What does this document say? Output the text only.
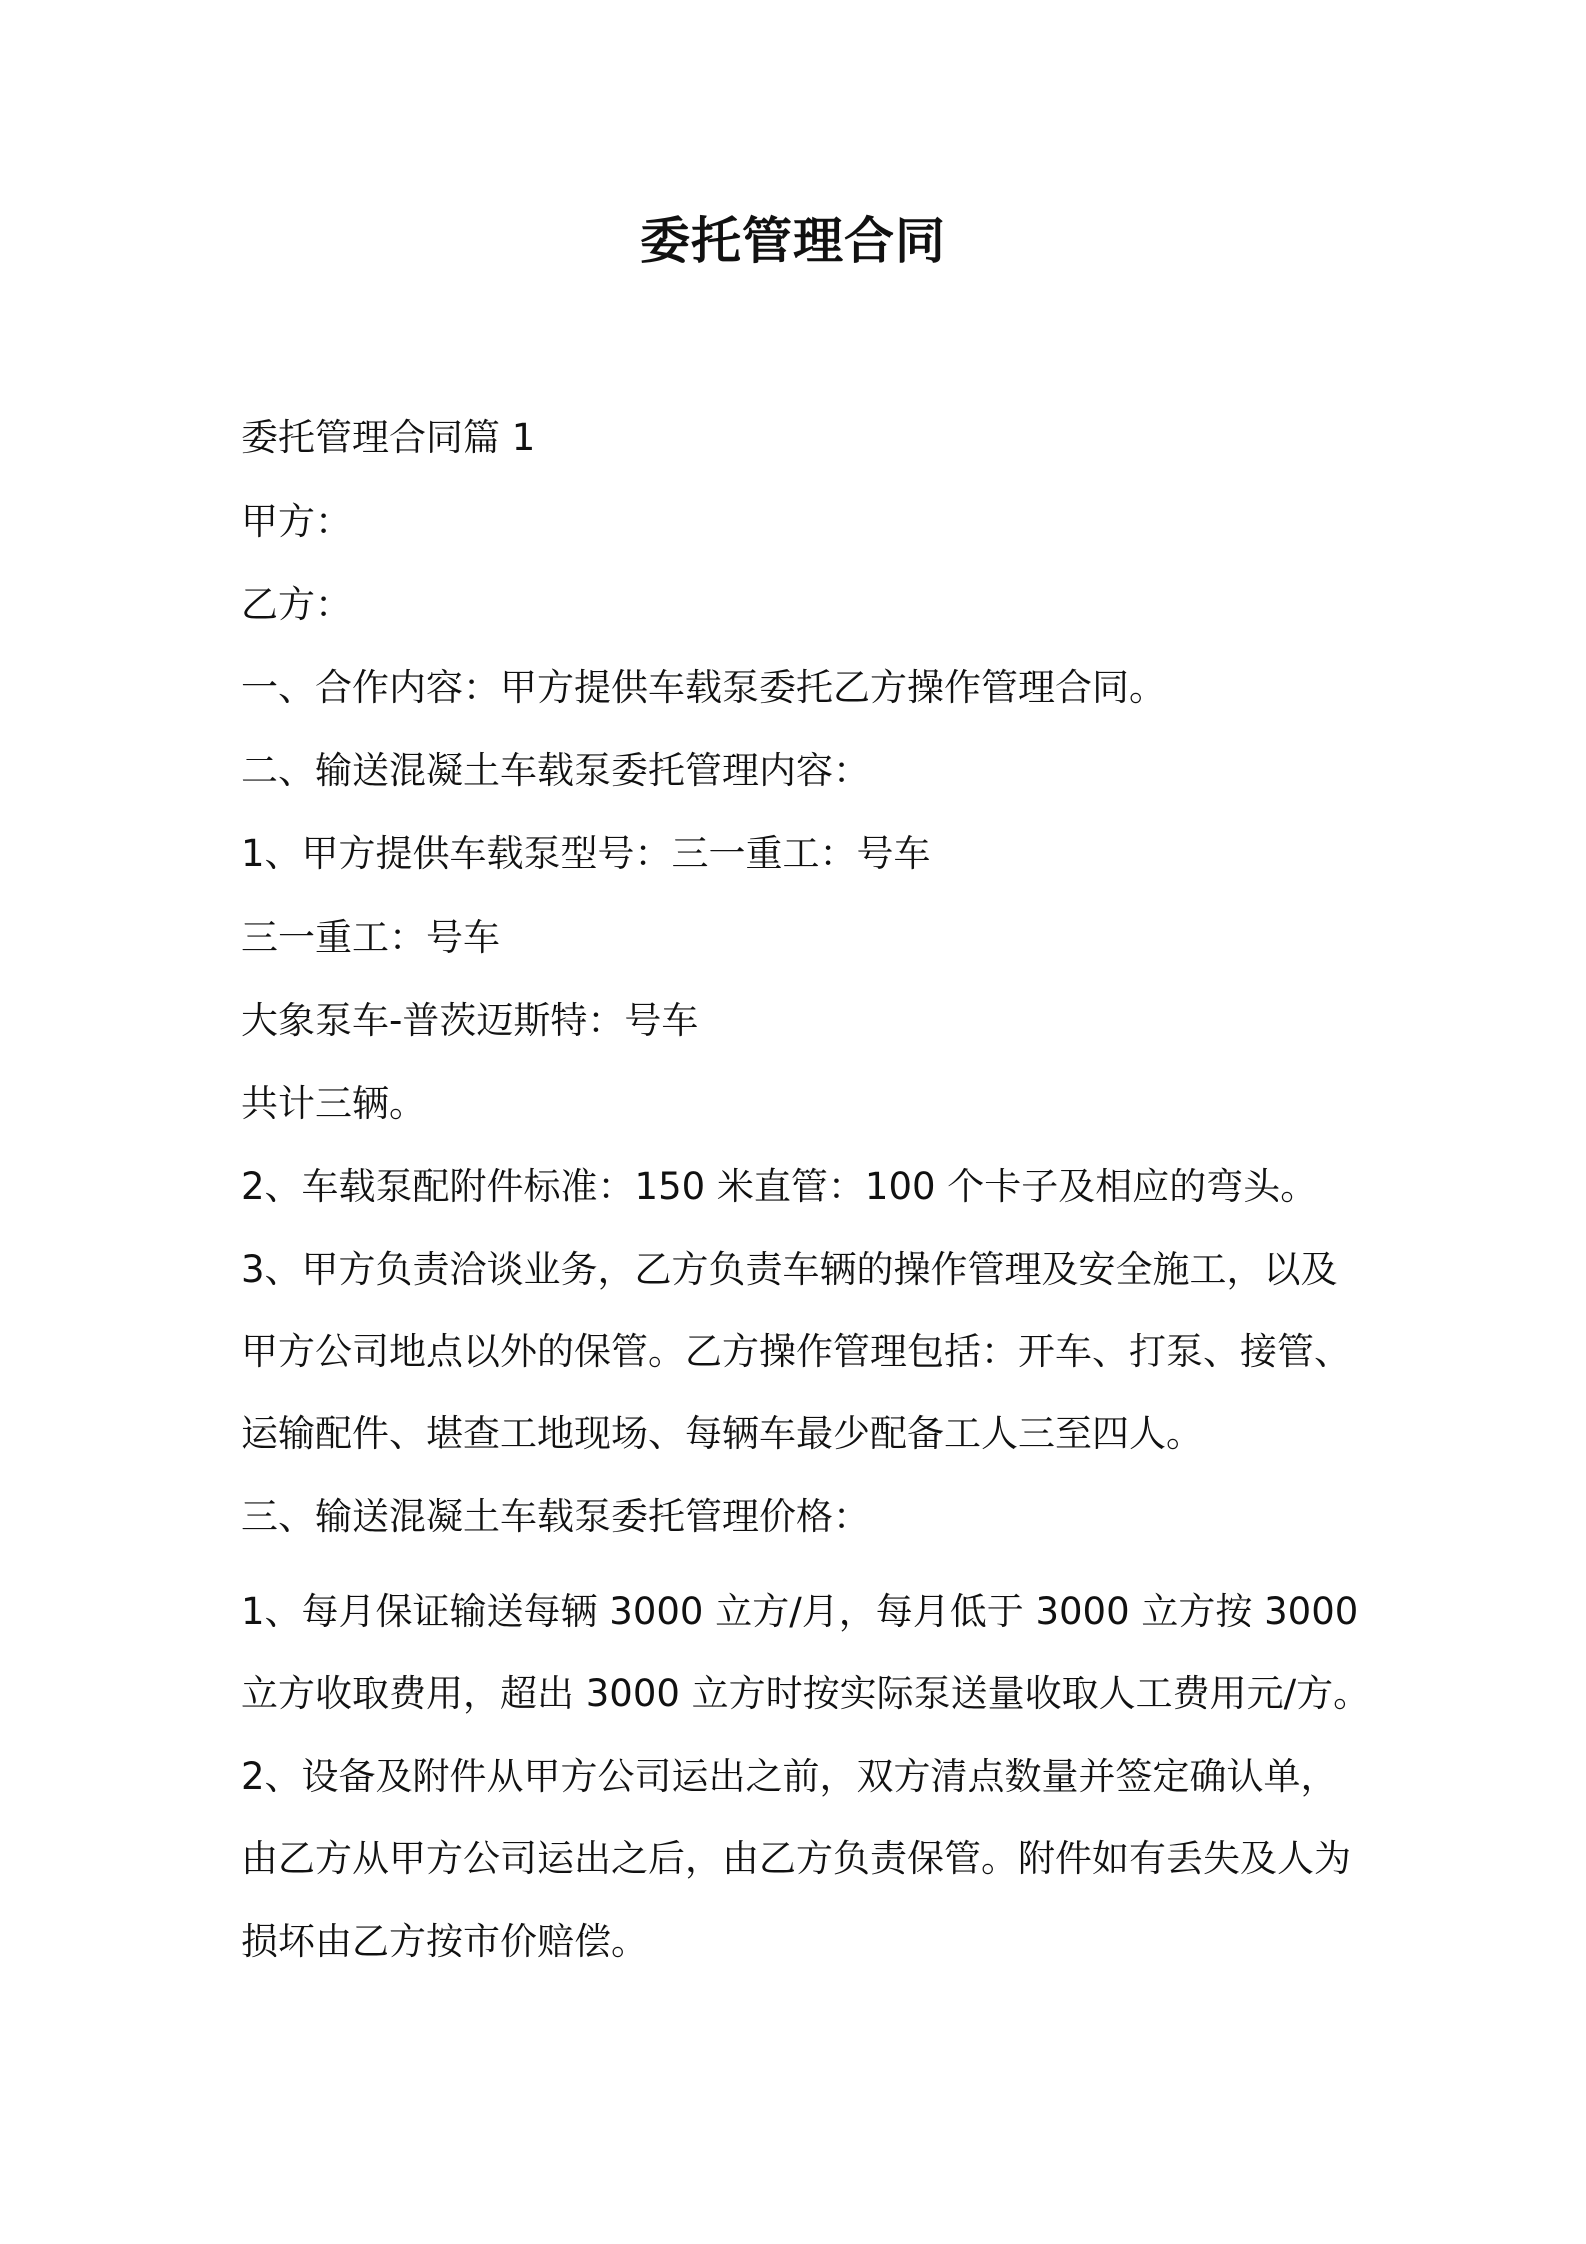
委托管理合同

委托管理合同篇 1

甲方：

乙方：

一、合作内容：甲方提供车载泵委托乙方操作管理合同。

二、输送混凝土车载泵委托管理内容：

1、甲方提供车载泵型号：三一重工：号车

三一重工：号车

大象泵车-普茨迈斯特：号车

共计三辆。

2、车载泵配附件标准：150 米直管：100 个卡子及相应的弯头。

3、甲方负责洽谈业务，乙方负责车辆的操作管理及安全施工，以及

甲方公司地点以外的保管。乙方操作管理包括：开车、打泵、接管、

运输配件、堪查工地现场、每辆车最少配备工人三至四人。

三、输送混凝土车载泵委托管理价格：

1、每月保证输送每辆 3000 立方/月，每月低于 3000 立方按 3000

立方收取费用，超出 3000 立方时按实际泵送量收取人工费用元/方。

2、设备及附件从甲方公司运出之前，双方清点数量并签定确认单，

由乙方从甲方公司运出之后，由乙方负责保管。附件如有丢失及人为

损坏由乙方按市价赔偿。
